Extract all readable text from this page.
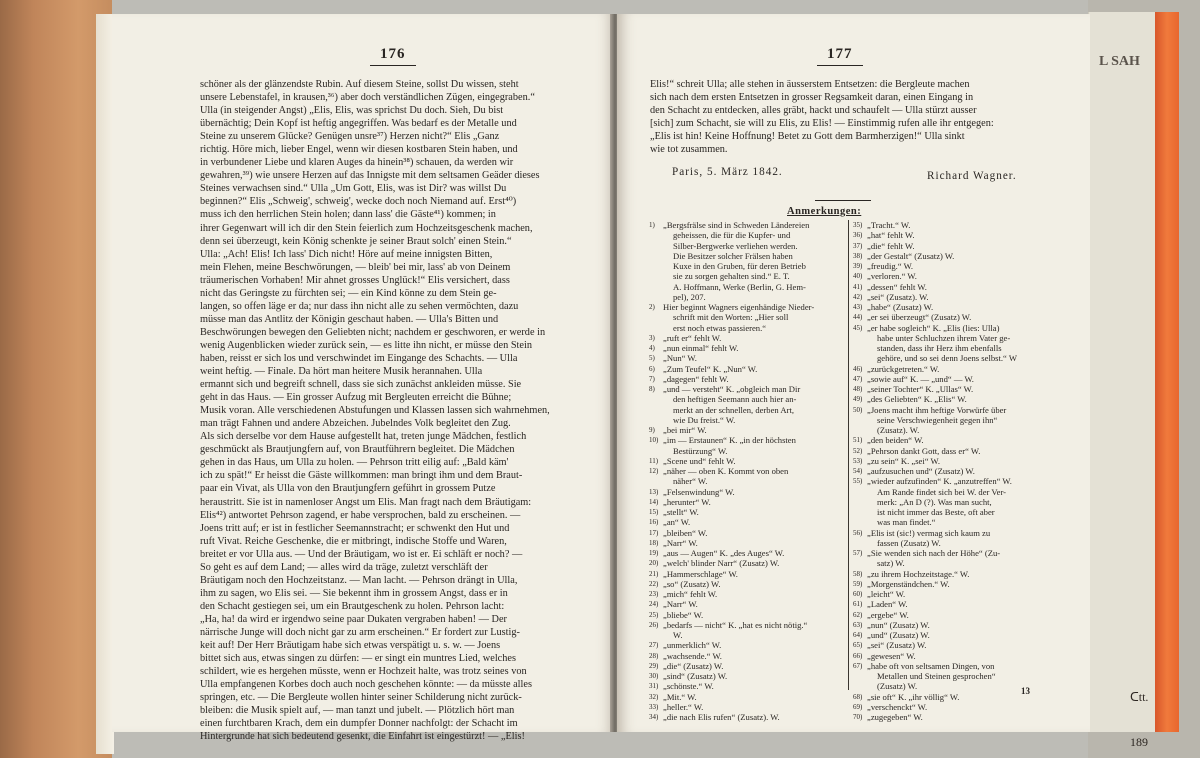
L SAH
ᑕtt.
189
176
schöner als der glänzendste Rubin. Auf diesem Steine, sollst Du wissen, steht
unsere Lebenstafel, in krausen,³⁶) aber doch verständlichen Zügen, eingegraben.“
Ulla (in steigender Angst) „Elis, Elis, was sprichst Du doch. Sieh, Du bist
übernächtig; Dein Kopf ist heftig angegriffen. Was bedarf es der Metalle und
Steine zu unserem Glücke? Genügen unsre³⁷) Herzen nicht?“ Elis „Ganz
richtig. Höre mich, lieber Engel, wenn wir diesen kostbaren Stein haben, und
in verbundener Liebe und klaren Auges da hinein³⁸) schauen, da werden wir
gewahren,³⁹) wie unsere Herzen auf das Innigste mit dem seltsamen Geäder dieses
Steines verwachsen sind.“ Ulla „Um Gott, Elis, was ist Dir? was willst Du
beginnen?“ Elis „Schweig', schweig', wecke doch noch Niemand auf. Erst⁴⁰)
muss ich den herrlichen Stein holen; dann lass' die Gäste⁴¹) kommen; in
ihrer Gegenwart will ich dir den Stein feierlich zum Hochzeitsgeschenk machen,
denn sei überzeugt, kein König schenkte je seiner Braut solch' einen Stein.“
Ulla: „Ach! Elis! Ich lass' Dich nicht! Höre auf meine innigsten Bitten,
mein Flehen, meine Beschwörungen, — bleib' bei mir, lass' ab von Deinem
träumerischen Vorhaben! Mir ahnet grosses Unglück!“ Elis versichert, dass
nicht das Geringste zu fürchten sei; — ein Kind könne zu dem Stein ge-
langen, so offen läge er da; nur dass ihn nicht alle zu sehen vermöchten, dazu
müsse man das Antlitz der Königin geschaut haben. — Ulla's Bitten und
Beschwörungen bewegen den Geliebten nicht; nachdem er geschworen, er werde in
wenig Augenblicken wieder zurück sein, — es litte ihn nicht, er müsse den Stein
haben, reisst er sich los und verschwindet im Eingange des Schachts. — Ulla
weint heftig. — Finale. Da hört man heitere Musik herannahen. Ulla
ermannt sich und begreift schnell, dass sie sich zunächst ankleiden müsse. Sie
geht in das Haus. — Ein grosser Aufzug mit Bergleuten erreicht die Bühne;
Musik voran. Alle verschiedenen Abstufungen und Klassen lassen sich wahrnehmen,
man trägt Fahnen und andere Abzeichen. Jubelndes Volk begleitet den Zug.
Als sich derselbe vor dem Hause aufgestellt hat, treten junge Mädchen, festlich
geschmückt als Brautjungfern auf, von Brautführern begleitet. Die Mädchen
gehen in das Haus, um Ulla zu holen. — Pehrson tritt eilig auf: „Bald käm'
ich zu spät!“ Er heisst die Gäste willkommen: man bringt ihm und dem Braut-
paar ein Vivat, als Ulla von den Brautjungfern geführt in grossem Putze
heraustritt. Sie ist in namenloser Angst um Elis. Man fragt nach dem Bräutigam:
Elis⁴²) antwortet Pehrson zagend, er habe versprochen, bald zu erscheinen. —
Joens tritt auf; er ist in festlicher Seemannstracht; er schwenkt den Hut und
ruft Vivat. Reiche Geschenke, die er mitbringt, indische Stoffe und Waren,
breitet er vor Ulla aus. — Und der Bräutigam, wo ist er. Ei schläft er noch? —
So geht es auf dem Land; — alles wird da träge, zuletzt verschläft der
Bräutigam noch den Hochzeitstanz. — Man lacht. — Pehrson drängt in Ulla,
ihm zu sagen, wo Elis sei. — Sie bekennt ihm in grossem Angst, dass er in
den Schacht gestiegen sei, um ein Brautgeschenk zu holen. Pehrson lacht:
„Ha, ha! da wird er irgendwo seine paar Dukaten vergraben haben! — Der
närrische Junge will doch nicht gar zu arm erscheinen.“ Er fordert zur Lustig-
keit auf! Der Herr Bräutigam habe sich etwas verspätigt u. s. w. — Joens
bittet sich aus, etwas singen zu dürfen: — er singt ein muntres Lied, welches
schildert, wie es hergehen müsste, wenn er Hochzeit halte, was trotz seines von
Ulla empfangenen Korbes doch auch noch geschehen könnte: — da müsste alles
springen, etc. — Die Bergleute wollen hinter seiner Schilderung nicht zurück-
bleiben: die Musik spielt auf, — man tanzt und jubelt. — Plötzlich hört man
einen furchtbaren Krach, dem ein dumpfer Donner nachfolgt: der Schacht im
Hintergrunde hat sich bedeutend gesenkt, die Einfahrt ist eingestürzt! — „Elis!
177
Elis!“ schreit Ulla; alle stehen in äusserstem Entsetzen: die Bergleute machen
sich nach dem ersten Entsetzen in grosser Regsamkeit daran, einen Eingang in
den Schacht zu entdecken, alles gräbt, hackt und schaufelt — Ulla stürzt ausser
[sich] zum Schacht, sie will zu Elis, zu Elis! — Einstimmig rufen alle ihr entgegen:
„Elis ist hin! Keine Hoffnung! Betet zu Gott dem Barmherzigen!“ Ulla sinkt
wie tot zusammen.
Paris, 5. März 1842.	Richard Wagner.
Anmerkungen:
1) „Bergsfrälse sind in Schweden Ländereien
geheissen, die für die Kupfer- und
Silber-Bergwerke verliehen werden.
Die Besitzer solcher Frälsen haben
Kuxe in den Gruben, für deren Betrieb
sie zu sorgen gehalten sind.“ E. T.
A. Hoffmann, Werke (Berlin, G. Hem-
pel), 207.
2) Hier beginnt Wagners eigenhändige Nieder-
schrift mit den Worten: „Hier soll
erst noch etwas passieren.“
3) „ruft er“ fehlt W.
4) „nun einmal“ fehlt W.
5) „Nun“ W.
6) „Zum Teufel“ K. „Nun“ W.
7) „dagegen“ fehlt W.
8) „und — versteht“ K. „obgleich man Dir
den heftigen Seemann auch hier an-
merkt an der schnellen, derben Art,
wie Du freist.“ W.
9) „bei mir“ W.
10) „im — Erstaunen“ K. „in der höchsten
Bestürzung“ W.
11) „Scene und“ fehlt W.
12) „näher — oben K. Kommt von oben
näher“ W.
13) „Felsenwindung“ W.
14) „herunter“ W.
15) „stellt“ W.
16) „an“ W.
17) „bleiben“ W.
18) „Narr“ W.
19) „aus — Augen“ K. „des Auges“ W.
20) „welch' blinder Narr“ (Zusatz) W.
21) „Hammerschlage“ W.
22) „so“ (Zusatz) W.
23) „mich“ fehlt W.
24) „Narr“ W.
25) „bliebe“ W.
26) „bedarfs — nicht“ K. „hat es nicht nötig.“
W.
27) „unmerklich“ W.
28) „wachsende.“ W.
29) „die“ (Zusatz) W.
30) „sind“ (Zusatz) W.
31) „schönste.“ W.
32) „Mit.“ W.
33) „heller.“ W.
34) „die nach Elis rufen“ (Zusatz). W.
35) „Tracht.“ W.
36) „hat“ fehlt W.
37) „die“ fehlt W.
38) „der Gestalt“ (Zusatz) W.
39) „freudig.“ W.
40) „verloren.“ W.
41) „dessen“ fehlt W.
42) „sei“ (Zusatz). W.
43) „habe“ (Zusatz) W.
44) „er sei überzeugt“ (Zusatz) W.
45) „er habe sogleich“ K. „Elis (lies: Ulla)
habe unter Schluchzen ihrem Vater ge-
standen, dass ihr Herz ihm ebenfalls
gehöre, und so sei denn Joens selbst.“ W
46) „zurückgetreten.“ W.
47) „sowie auf“ K. — „und“ — W.
48) „seiner Tochter“ K. „Ullas“ W.
49) „des Geliebten“ K. „Elis“ W.
50) „Joens macht ihm heftige Vorwürfe über
seine Verschwiegenheit gegen ihn“
(Zusatz). W.
51) „den beiden“ W.
52) „Pehrson dankt Gott, dass er“ W.
53) „zu sein“ K. „sei“ W.
54) „aufzusuchen und“ (Zusatz) W.
55) „wieder aufzufinden“ K. „anzutreffen“ W.
Am Rande findet sich bei W. der Ver-
merk: „An D (?). Was man sucht,
ist nicht immer das Beste, oft aber
was man findet.“
56) „Elis ist (sic!) vermag sich kaum zu
fassen (Zusatz) W.
57) „Sie wenden sich nach der Höhe“ (Zu-
satz) W.
58) „zu ihrem Hochzeitstage.“ W.
59) „Morgenständchen.“ W.
60) „leicht“ W.
61) „Laden“ W.
62) „ergebe“ W.
63) „nun“ (Zusatz) W.
64) „und“ (Zusatz) W.
65) „sei“ (Zusatz) W.
66) „gewesen“ W.
67) „habe oft von seltsamen Dingen, von
Metallen und Steinen gesprochen“
(Zusatz) W.
68) „sie oft“ K. „ihr völlig“ W.
69) „verschenckt“ W.
70) „zugegeben“ W.
13
